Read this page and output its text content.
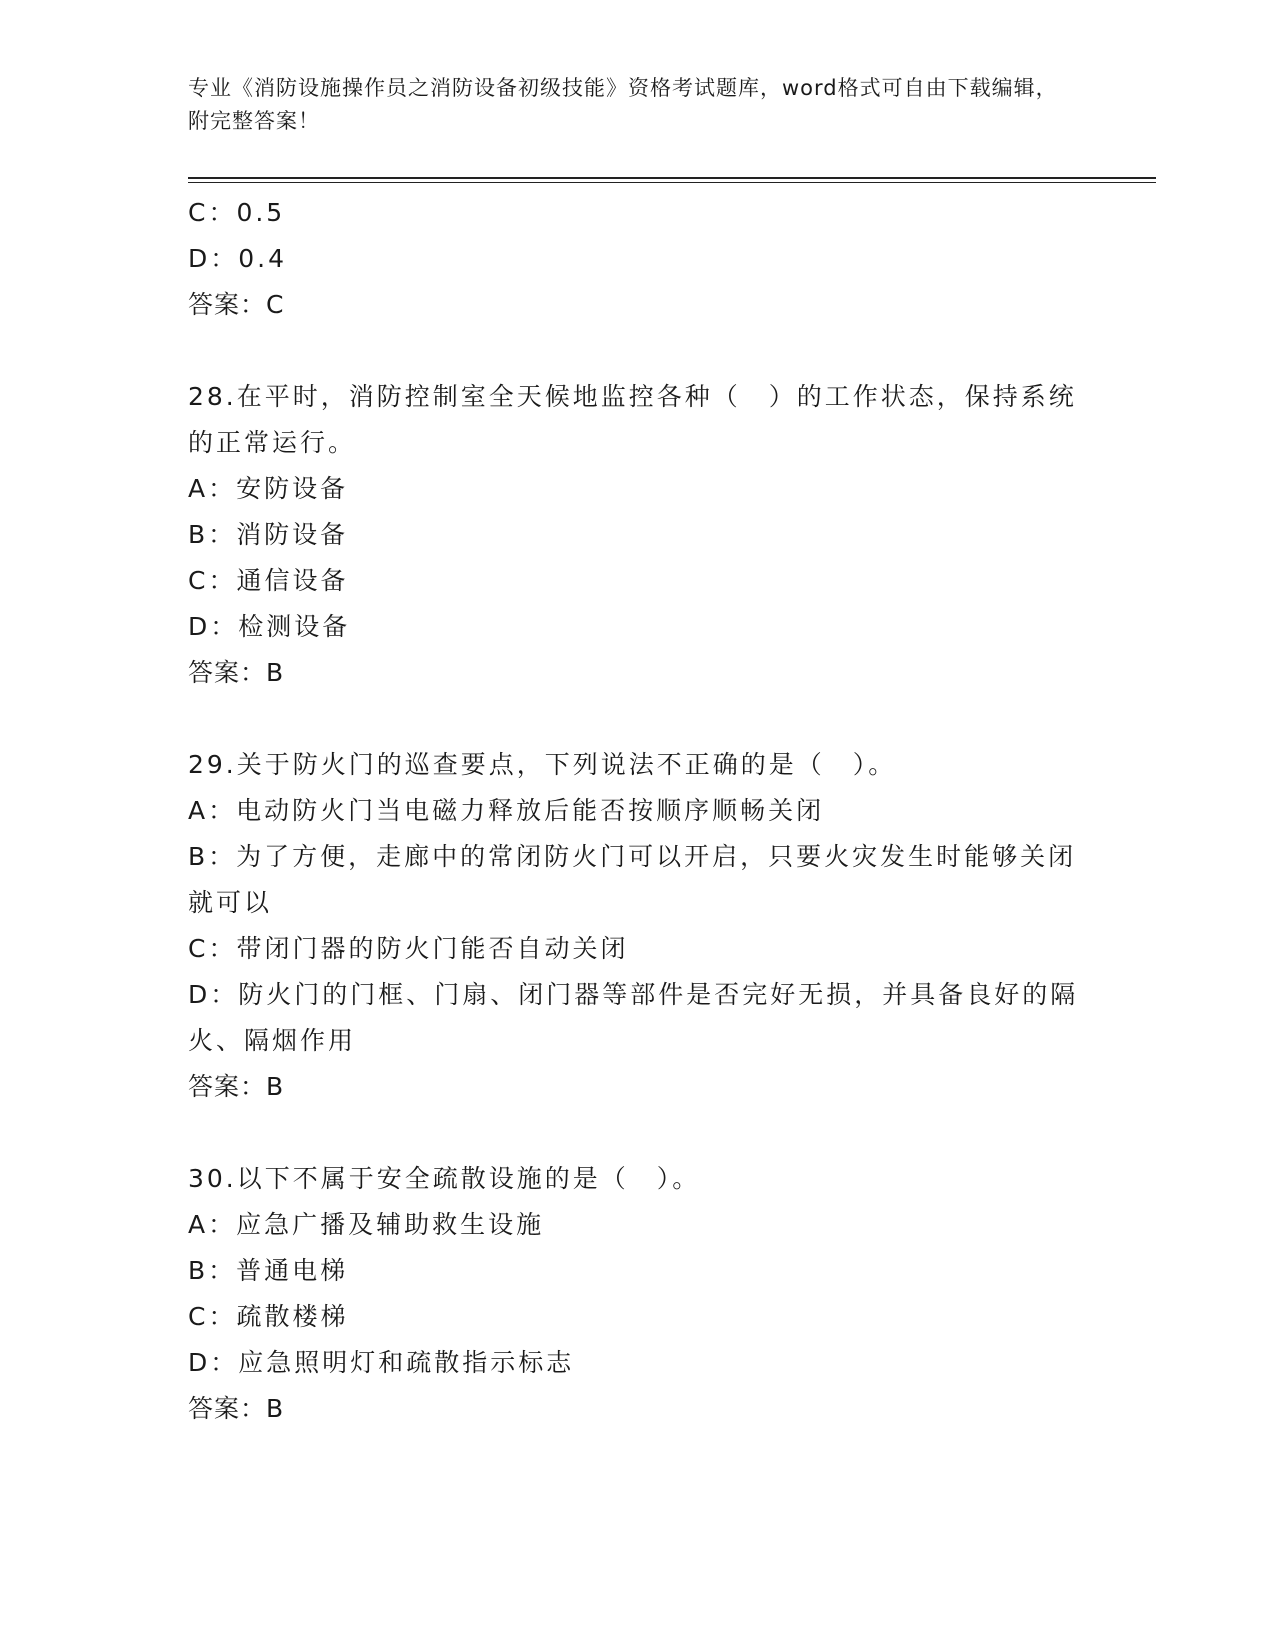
专业《消防设施操作员之消防设备初级技能》资格考试题库，word格式可自由下载编辑，附完整答案！

C：0.5

D：0.4

答案：C

28.在平时，消防控制室全天候地监控各种（　）的工作状态，保持系统的正常运行。

A：安防设备

B：消防设备

C：通信设备

D：检测设备

答案：B

29.关于防火门的巡查要点，下列说法不正确的是（　）。

A：电动防火门当电磁力释放后能否按顺序顺畅关闭

B：为了方便，走廊中的常闭防火门可以开启，只要火灾发生时能够关闭就可以

C：带闭门器的防火门能否自动关闭

D：防火门的门框、门扇、闭门器等部件是否完好无损，并具备良好的隔火、隔烟作用

答案：B

30.以下不属于安全疏散设施的是（　）。

A：应急广播及辅助救生设施

B：普通电梯

C：疏散楼梯

D：应急照明灯和疏散指示标志

答案：B
